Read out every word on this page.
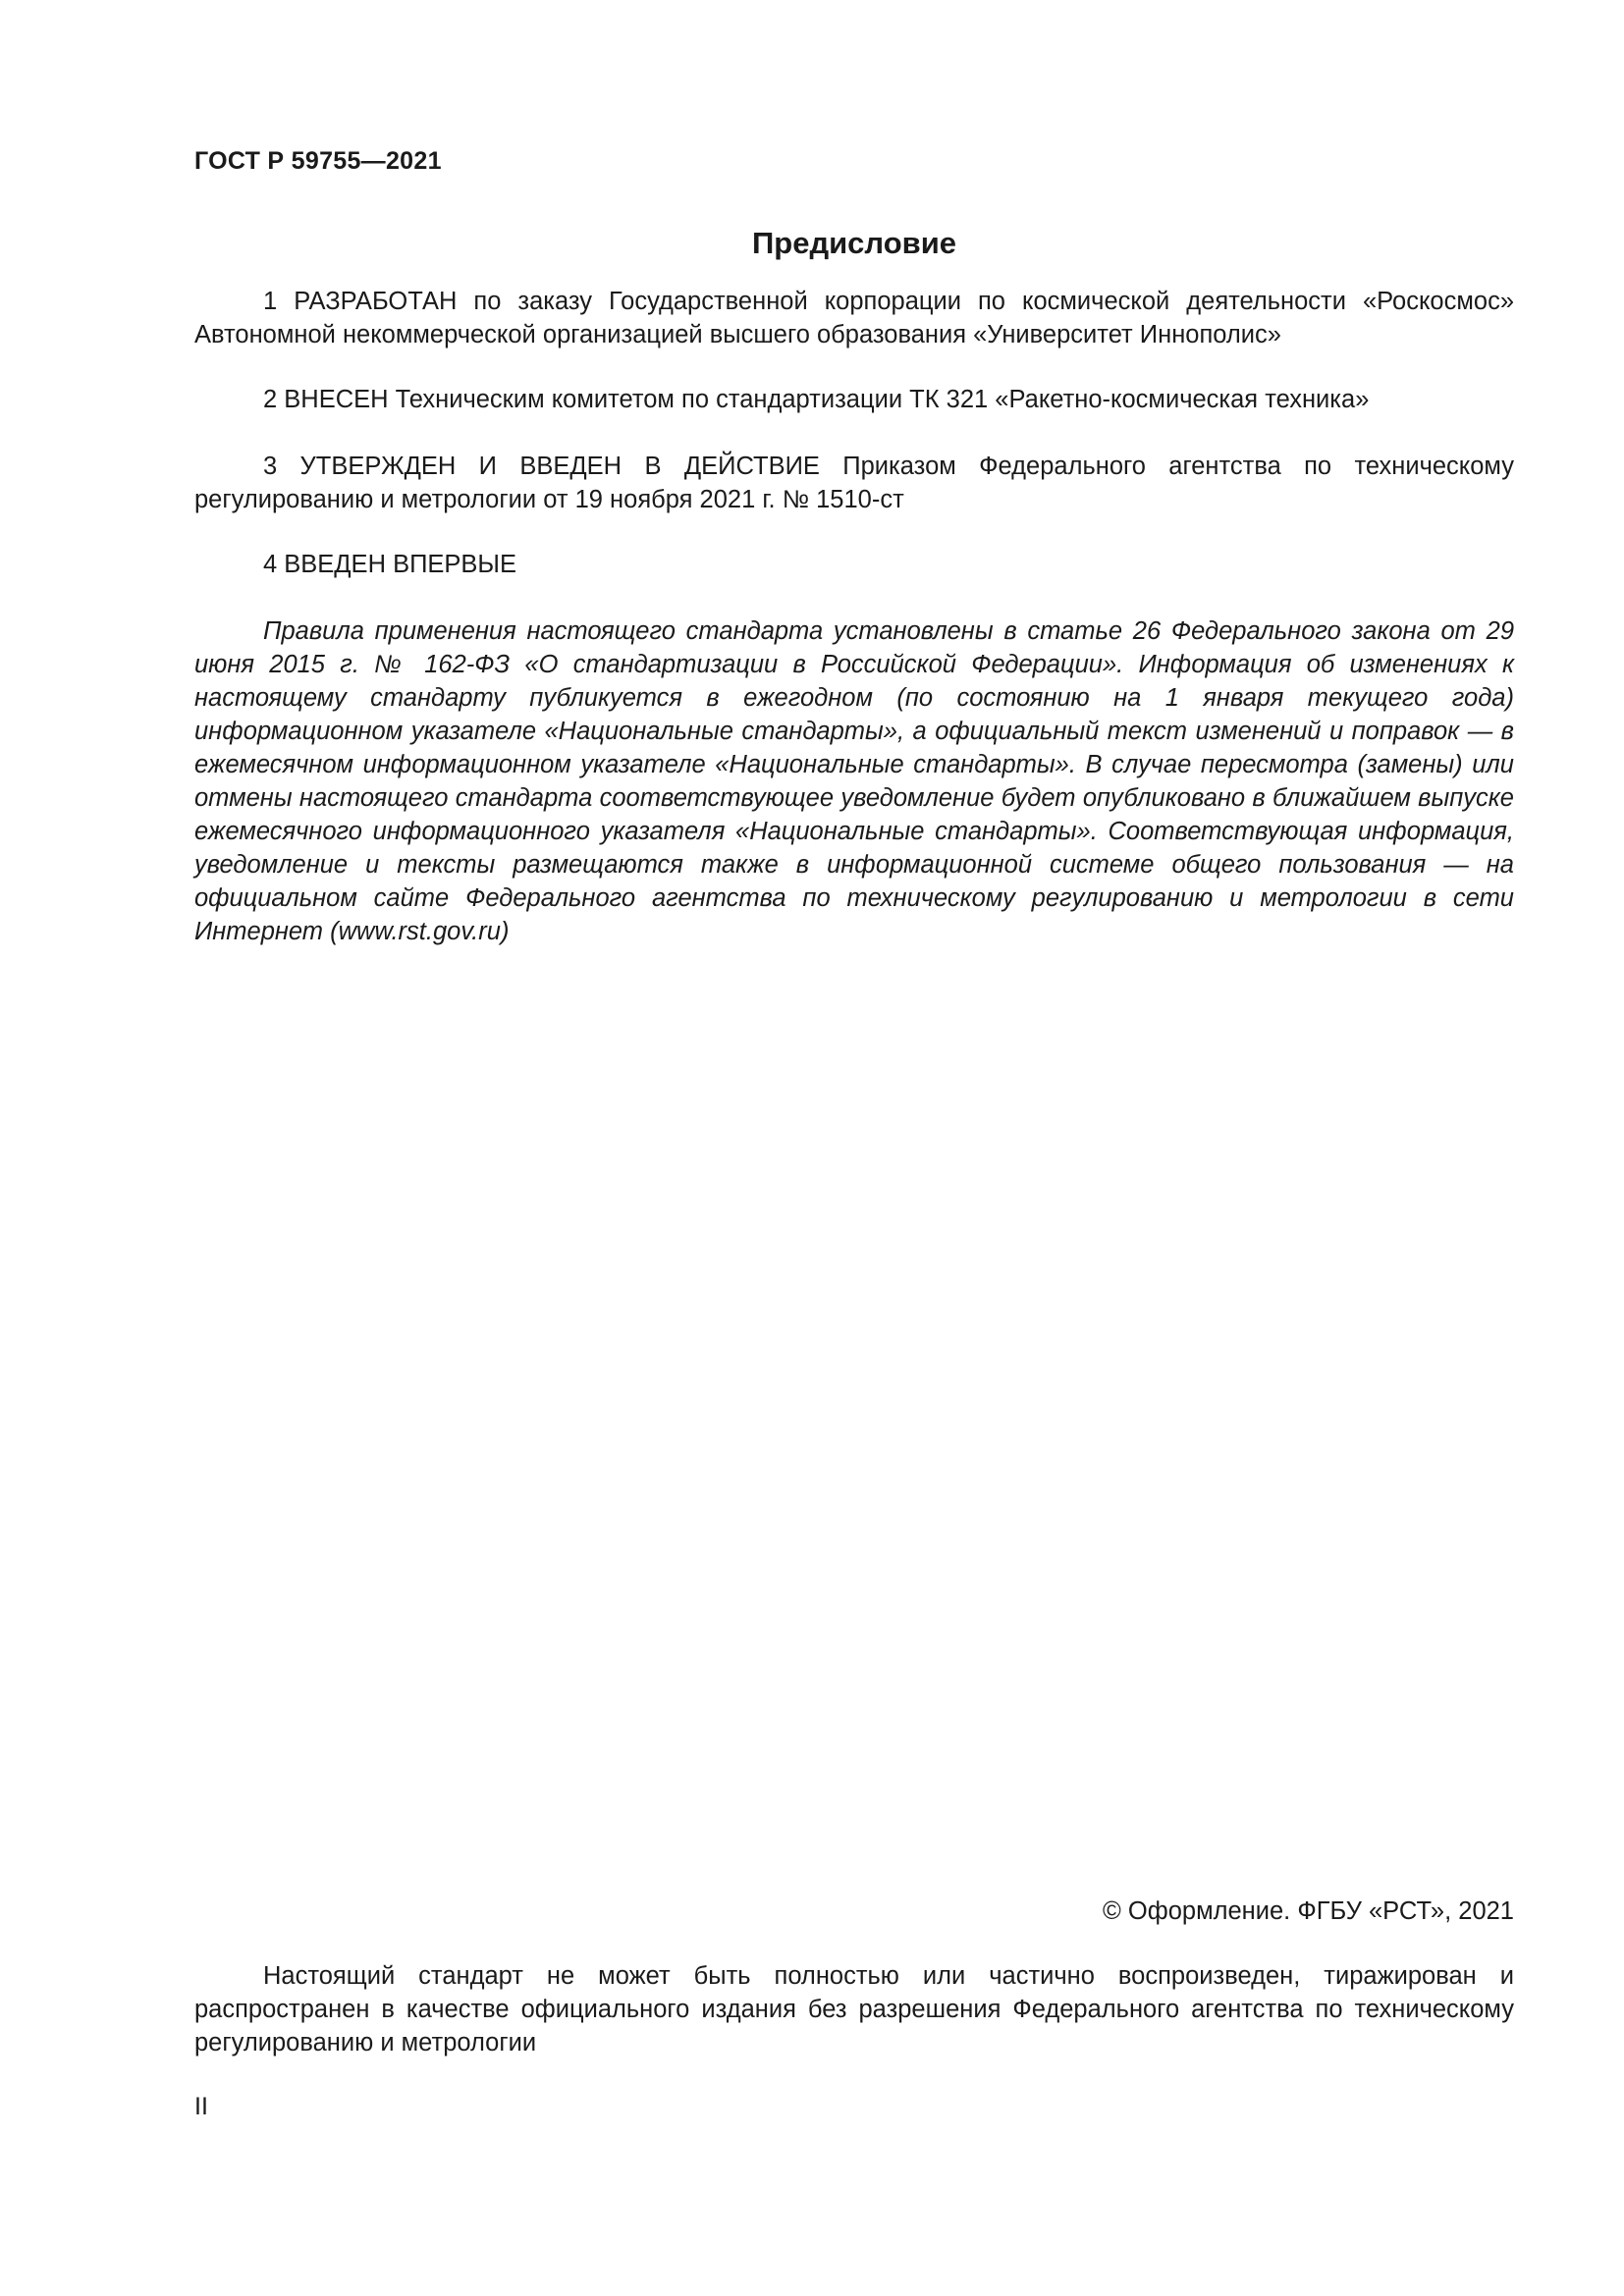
ГОСТ Р 59755—2021
Предисловие

1 РАЗРАБОТАН по заказу Государственной корпорации по космической деятельности «Роскосмос» Автономной некоммерческой организацией высшего образования «Университет Иннополис»

2 ВНЕСЕН Техническим комитетом по стандартизации ТК 321 «Ракетно-космическая техника»

3 УТВЕРЖДЕН И ВВЕДЕН В ДЕЙСТВИЕ Приказом Федерального агентства по техническому регулированию и метрологии от 19 ноября 2021 г. № 1510-ст

4 ВВЕДЕН ВПЕРВЫЕ

Правила применения настоящего стандарта установлены в статье 26 Федерального закона от 29 июня 2015 г. № 162-ФЗ «О стандартизации в Российской Федерации». Информация об изменениях к настоящему стандарту публикуется в ежегодном (по состоянию на 1 января текущего года) информационном указателе «Национальные стандарты», а официальный текст изменений и поправок — в ежемесячном информационном указателе «Национальные стандарты». В случае пересмотра (замены) или отмены настоящего стандарта соответствующее уведомление будет опубликовано в ближайшем выпуске ежемесячного информационного указателя «Национальные стандарты». Соответствующая информация, уведомление и тексты размещаются также в информационной системе общего пользования — на официальном сайте Федерального агентства по техническому регулированию и метрологии в сети Интернет (www.rst.gov.ru)

© Оформление. ФГБУ «РСТ», 2021

Настоящий стандарт не может быть полностью или частично воспроизведен, тиражирован и распространен в качестве официального издания без разрешения Федерального агентства по техническому регулированию и метрологии

II
